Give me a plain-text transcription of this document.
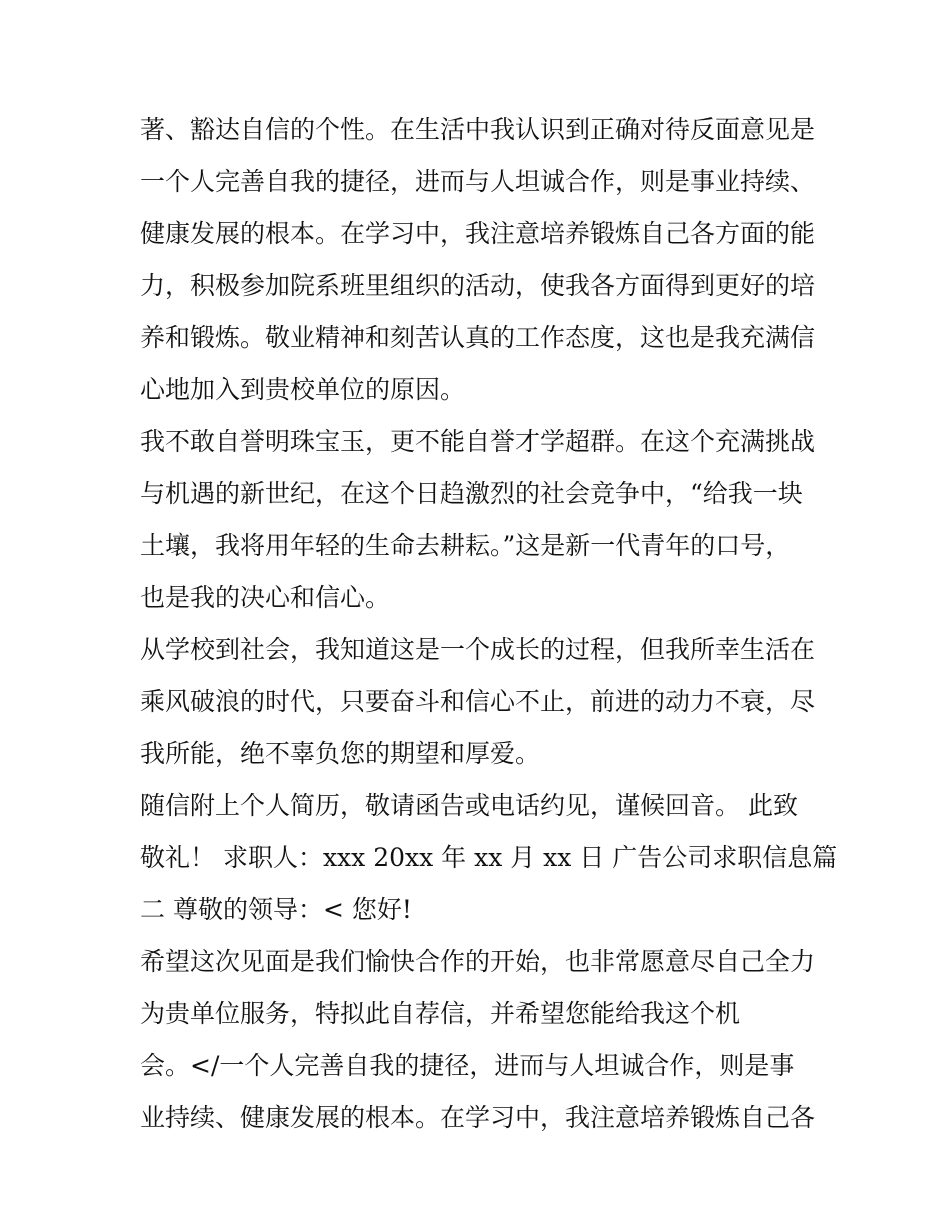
著、豁达自信的个性。在生活中我认识到正确对待反面意见是
一个人完善自我的捷径，进而与人坦诚合作，则是事业持续、
健康发展的根本。在学习中，我注意培养锻炼自己各方面的能
力，积极参加院系班里组织的活动，使我各方面得到更好的培
养和锻炼。敬业精神和刻苦认真的工作态度，这也是我充满信
心地加入到贵校单位的原因。
我不敢自誉明珠宝玉，更不能自誉才学超群。在这个充满挑战
与机遇的新世纪，在这个日趋激烈的社会竞争中，“给我一块
土壤，我将用年轻的生命去耕耘。”这是新一代青年的口号，
也是我的决心和信心。
从学校到社会，我知道这是一个成长的过程，但我所幸生活在
乘风破浪的时代，只要奋斗和信心不止，前进的动力不衰，尽
我所能，绝不辜负您的期望和厚爱。
随信附上个人简历，敬请函告或电话约见，谨候回音。 此致
敬礼！ 求职人：xxx 20xx 年 xx 月 xx 日 广告公司求职信息篇
二 尊敬的领导：< 您好!
希望这次见面是我们愉快合作的开始，也非常愿意尽自己全力
为贵单位服务，特拟此自荐信，并希望您能给我这个机
会。</一个人完善自我的捷径，进而与人坦诚合作，则是事
业持续、健康发展的根本。在学习中，我注意培养锻炼自己各
